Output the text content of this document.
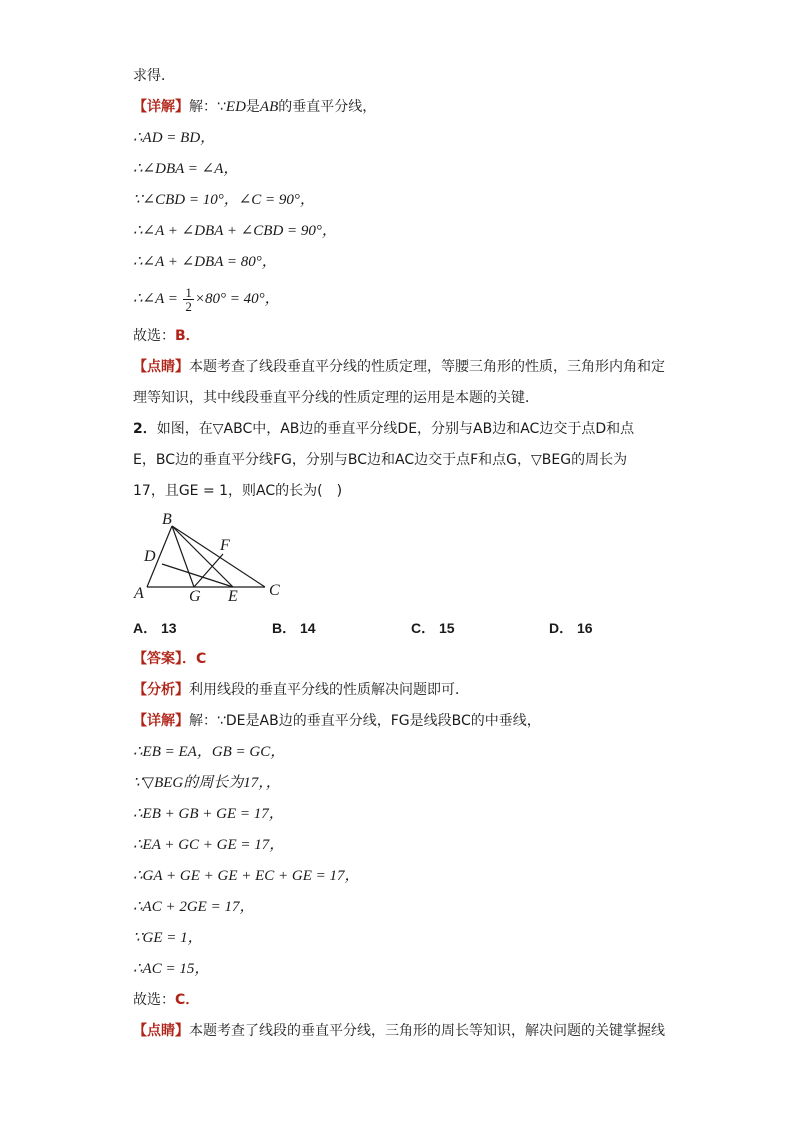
求得．
【详解】解：∵ED是AB的垂直平分线，
∴AD = BD，
∴∠DBA = ∠A，
∵∠CBD = 10°，∠C = 90°，
∴∠A + ∠DBA + ∠CBD = 90°，
∴∠A + ∠DBA = 80°，
∴∠A = $\frac{1}{2} \times 80^\circ = 40^\circ$，
故选：B．
【点睛】本题考查了线段垂直平分线的性质定理，等腰三角形的性质，三角形内角和定
理等知识，其中线段垂直平分线的性质定理的运用是本题的关键．
2．如图，在▽ABC中，AB边的垂直平分线DE，分别与AB边和AC边交于点D和点
E，BC边的垂直平分线FG，分别与BC边和AC边交于点F和点G，▽BEG的周长为
17，且GE = 1，则AC的长为(　)
B
D
F
A	G E C
A． 13	B． 14	C． 15	D． 16
【答案】．C
【分析】利用线段的垂直平分线的性质解决问题即可．
【详解】解：∵DE是AB边的垂直平分线，FG是线段BC的中垂线，
∴EB = EA，GB = GC，
∵▽BEG的周长为17，，
∴EB + GB + GE = 17，
∴EA + GC + GE = 17，
∴GA + GE + GE + EC + GE = 17，
∴AC + 2GE = 17，
∵GE = 1，
∴AC = 15，
故选：C．
【点睛】本题考查了线段的垂直平分线，三角形的周长等知识，解决问题的关键掌握线
